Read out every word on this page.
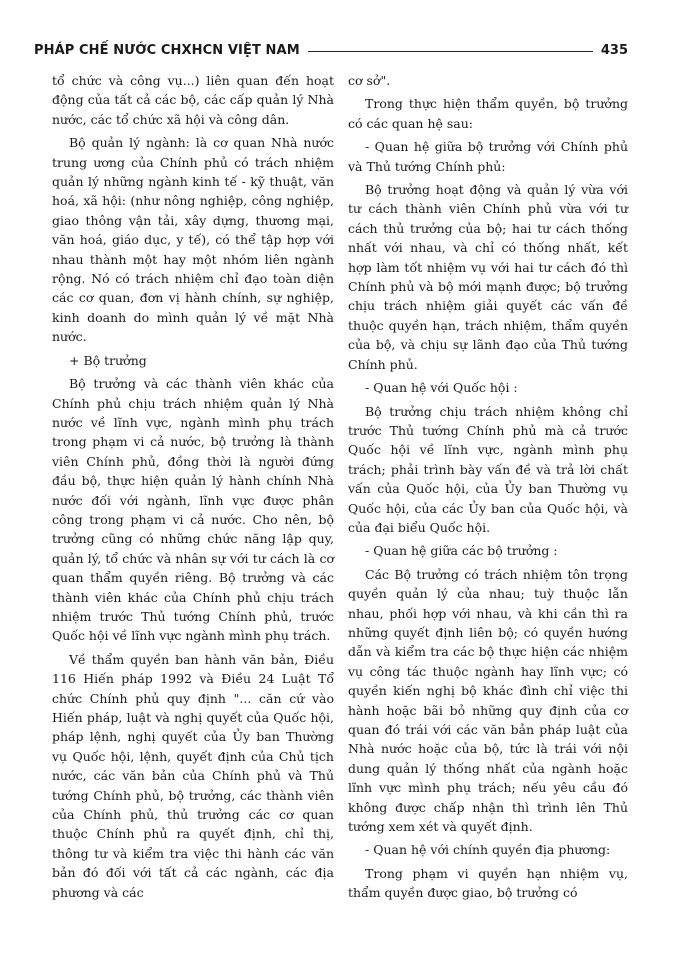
PHÁP CHẾ NƯỚC CHXHCN VIỆT NAM	435

tổ chức và công vụ...) liên quan đến hoạt động của tất cả các bộ, các cấp quản lý Nhà nước, các tổ chức xã hội và công dân.

Bộ quản lý ngành: là cơ quan Nhà nước trung ương của Chính phủ có trách nhiệm quản lý những ngành kinh tế - kỹ thuật, văn hoá, xã hội: (như nông nghiệp, công nghiệp, giao thông vận tải, xây dựng, thương mại, văn hoá, giáo dục, y tế), có thể tập hợp với nhau thành một hay một nhóm liên ngành rộng. Nó có trách nhiệm chỉ đạo toàn diện các cơ quan, đơn vị hành chính, sự nghiệp, kinh doanh do mình quản lý về mặt Nhà nước.

+ Bộ trưởng

Bộ trưởng và các thành viên khác của Chính phủ chịu trách nhiệm quản lý Nhà nước về lĩnh vực, ngành mình phụ trách trong phạm vi cả nước, bộ trưởng là thành viên Chính phủ, đồng thời là người đứng đầu bộ, thực hiện quản lý hành chính Nhà nước đối với ngành, lĩnh vực được phân công trong phạm vi cả nước. Cho nên, bộ trưởng cũng có những chức năng lập quy, quản lý, tổ chức và nhân sự với tư cách là cơ quan thẩm quyền riêng. Bộ trưởng và các thành viên khác của Chính phủ chịu trách nhiệm trước Thủ tướng Chính phủ, trước Quốc hội về lĩnh vực ngành mình phụ trách.

Về thẩm quyền ban hành văn bản, Điều 116 Hiến pháp 1992 và Điều 24 Luật Tổ chức Chính phủ quy định "... căn cứ vào Hiến pháp, luật và nghị quyết của Quốc hội, pháp lệnh, nghị quyết của Ủy ban Thường vụ Quốc hội, lệnh, quyết định của Chủ tịch nước, các văn bản của Chính phủ và Thủ tướng Chính phủ, bộ trưởng, các thành viên của Chính phủ, thủ trưởng các cơ quan thuộc Chính phủ ra quyết định, chỉ thị, thông tư và kiểm tra việc thi hành các văn bản đó đối với tất cả các ngành, các địa phương và các

cơ sở".

Trong thực hiện thẩm quyền, bộ trưởng có các quan hệ sau:

- Quan hệ giữa bộ trưởng với Chính phủ và Thủ tướng Chính phủ:

Bộ trưởng hoạt động và quản lý vừa với tư cách thành viên Chính phủ vừa với tư cách thủ trưởng của bộ; hai tư cách thống nhất với nhau, và chỉ có thống nhất, kết hợp làm tốt nhiệm vụ với hai tư cách đó thì Chính phủ và bộ mới mạnh được; bộ trưởng chịu trách nhiệm giải quyết các vấn đề thuộc quyền hạn, trách nhiệm, thẩm quyền của bộ, và chịu sự lãnh đạo của Thủ tướng Chính phủ.

- Quan hệ với Quốc hội :

Bộ trưởng chịu trách nhiệm không chỉ trước Thủ tướng Chính phủ mà cả trước Quốc hội về lĩnh vực, ngành mình phụ trách; phải trình bày vấn đề và trả lời chất vấn của Quốc hội, của Ủy ban Thường vụ Quốc hội, của các Ủy ban của Quốc hội, và của đại biểu Quốc hội.

- Quan hệ giữa các bộ trưởng :

Các Bộ trưởng có trách nhiệm tôn trọng quyền quản lý của nhau; tuỳ thuộc lẫn nhau, phối hợp với nhau, và khi cần thì ra những quyết định liên bộ; có quyền hướng dẫn và kiểm tra các bộ thực hiện các nhiệm vụ công tác thuộc ngành hay lĩnh vực; có quyền kiến nghị bộ khác đình chỉ việc thi hành hoặc bãi bỏ những quy định của cơ quan đó trái với các văn bản pháp luật của Nhà nước hoặc của bộ, tức là trái với nội dung quản lý thống nhất của ngành hoặc lĩnh vực mình phụ trách; nếu yêu cầu đó không được chấp nhận thì trình lên Thủ tướng xem xét và quyết định.

- Quan hệ với chính quyền địa phương:

Trong phạm vi quyền hạn nhiệm vụ, thẩm quyền được giao, bộ trưởng có
